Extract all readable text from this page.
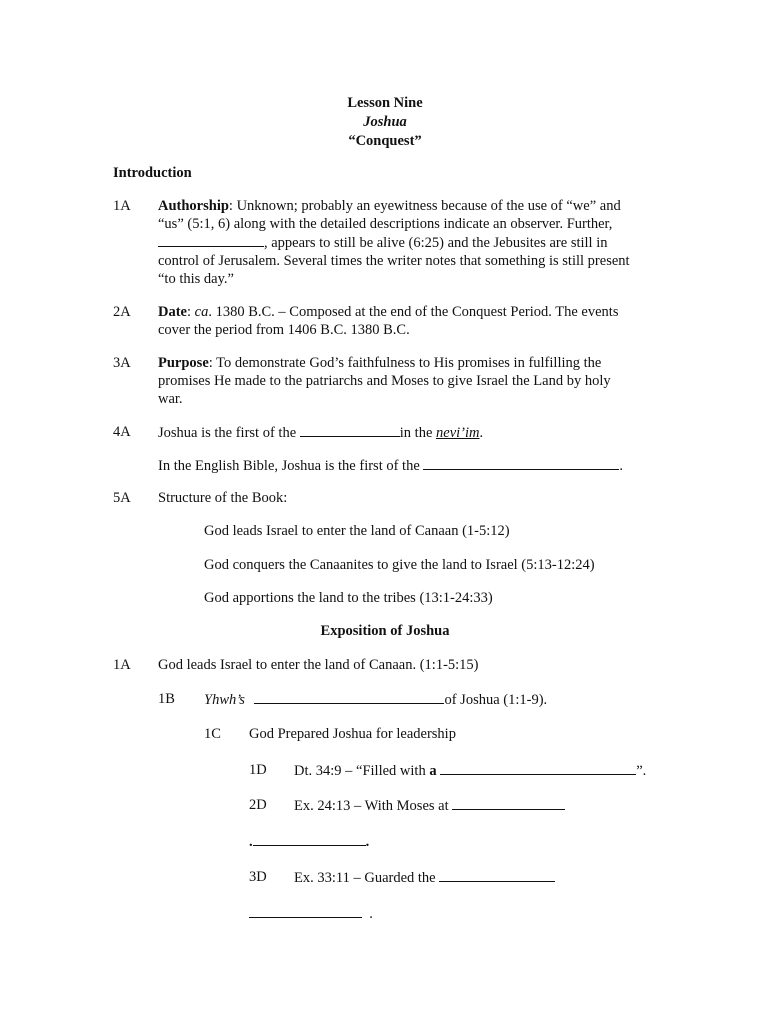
Lesson Nine
Joshua
“Conquest”
Introduction
1A Authorship: Unknown; probably an eyewitness because of the use of “we” and
“us” (5:1, 6) along with the detailed descriptions indicate an observer. Further,
, appears to still be alive (6:25) and the Jebusites are still in
control of Jerusalem. Several times the writer notes that something is still present
“to this day.”
2A Date: ca. 1380 B.C. – Composed at the end of the Conquest Period. The events
cover the period from 1406 B.C. 1380 B.C.
3A Purpose: To demonstrate God’s faithfulness to His promises in fulfilling the
promises He made to the patriarchs and Moses to give Israel the Land by holy
war.
4A Joshua is the first of the	in the nevi’im.
In the English Bible, Joshua is the first of the	.
5A Structure of the Book:
God leads Israel to enter the land of Canaan (1-5:12)
God conquers the Canaanites to give the land to Israel (5:13-12:24)
God apportions the land to the tribes (13:1-24:33)
Exposition of Joshua
1A God leads Israel to enter the land of Canaan. (1:1-5:15)
1B Yhwh’s	of Joshua (1:1-9).
1C God Prepared Joshua for leadership
1D Dt. 34:9 – “Filled with a	”.
2D Ex. 24:13 – With Moses at
.	.
3D Ex. 33:11 – Guarded the
.
